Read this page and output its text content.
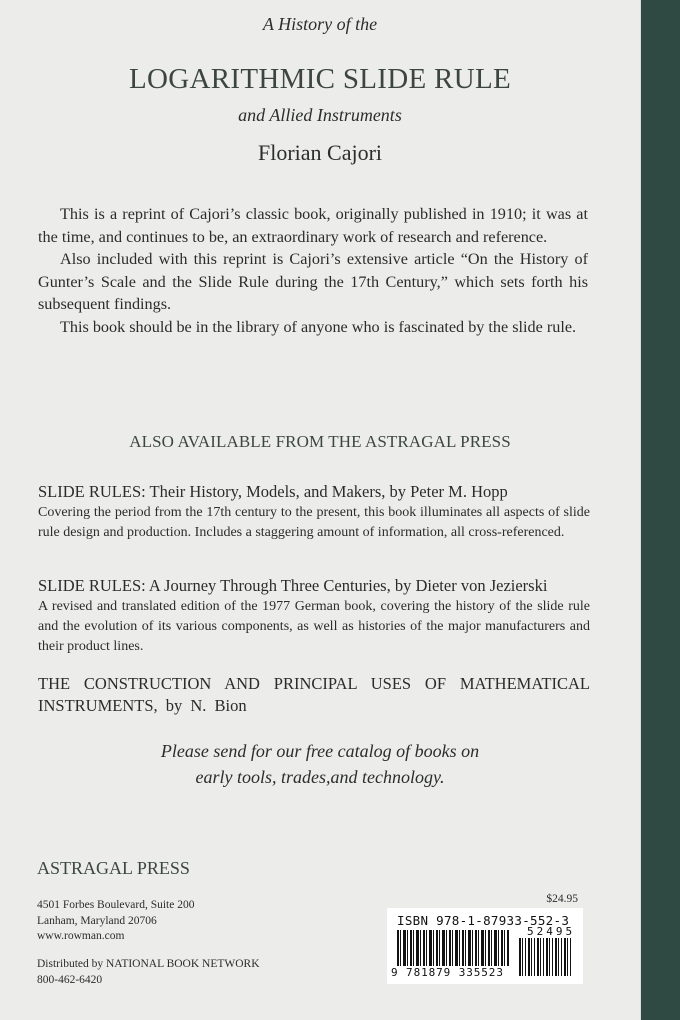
A History of the
LOGARITHMIC SLIDE RULE
and Allied Instruments
Florian Cajori

This is a reprint of Cajori’s classic book, originally published in 1910; it was at the time, and continues to be, an extraordinary work of research and reference.

Also included with this reprint is Cajori’s extensive article “On the History of Gunter’s Scale and the Slide Rule during the 17th Century,” which sets forth his subsequent findings.

This book should be in the library of anyone who is fascinated by the slide rule.

ALSO AVAILABLE FROM THE ASTRAGAL PRESS
SLIDE RULES: Their History, Models, and Makers, by Peter M. Hopp
Covering the period from the 17th century to the present, this book illuminates all aspects of slide rule design and production. Includes a staggering amount of information, all cross-referenced.
SLIDE RULES: A Journey Through Three Centuries, by Dieter von Jezierski
A revised and translated edition of the 1977 German book, covering the history of the slide rule and the evolution of its various components, as well as histories of the major manufacturers and their product lines.
THE CONSTRUCTION AND PRINCIPAL USES OF MATHEMATICAL INSTRUMENTS, by N. Bion
Please send for our free catalog of books on
early tools, trades,and technology.
ASTRAGAL PRESS
4501 Forbes Boulevard, Suite 200
Lanham, Maryland 20706
www.rowman.com
Distributed by NATIONAL BOOK NETWORK
800-462-6420
$24.95
ISBN 978-1-87933-552-3
52495
9 781879 335523
